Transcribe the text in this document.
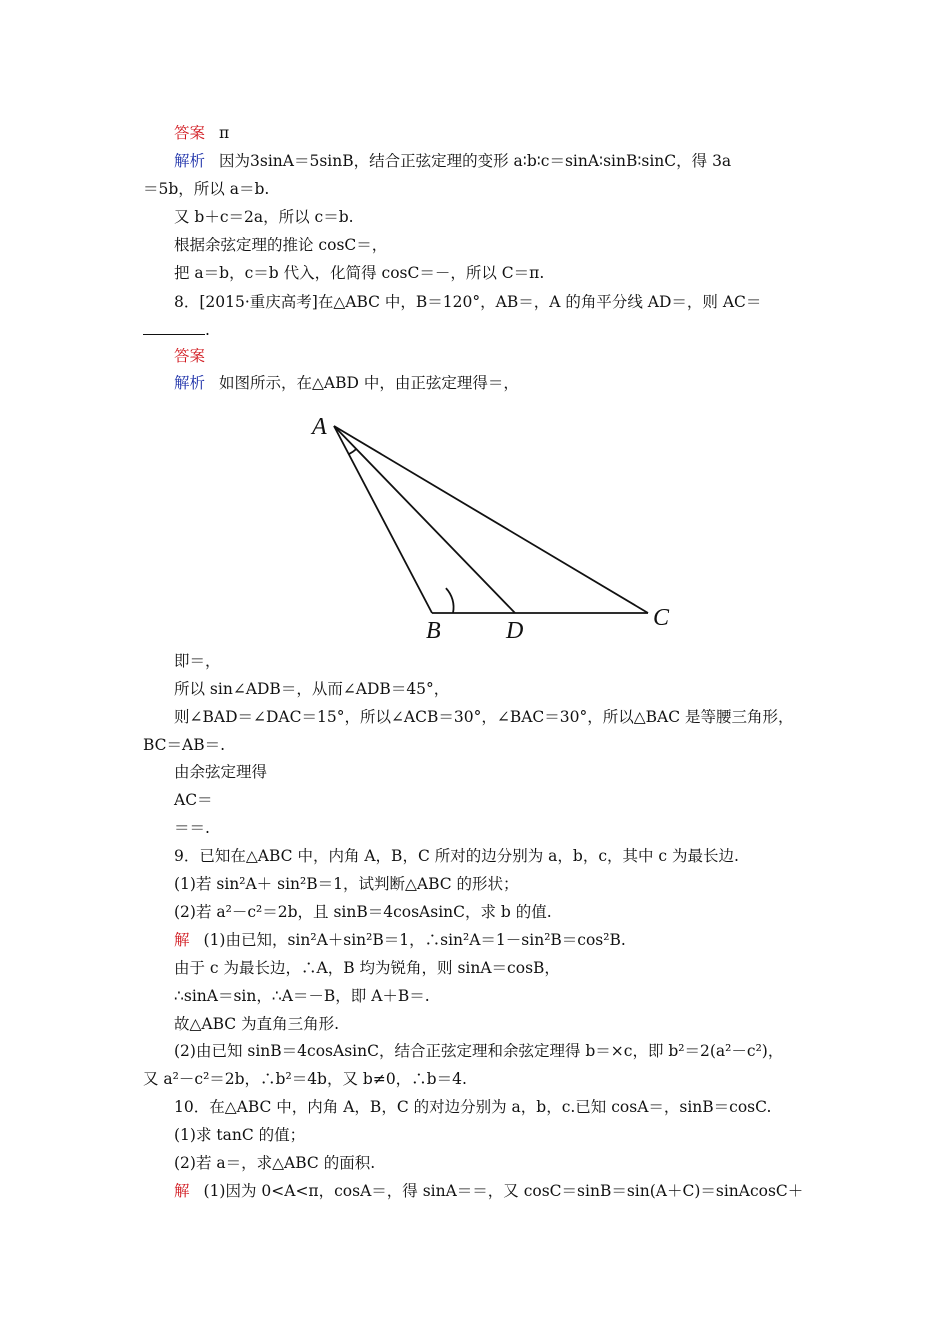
答案 π
解析 因为3sinA＝5sinB，结合正弦定理的变形 a∶b∶c＝sinA∶sinB∶sinC，得 3a
＝5b，所以 a＝b.
又 b＋c＝2a，所以 c＝b.
根据余弦定理的推论 cosC＝，
把 a＝b，c＝b 代入，化简得 cosC＝－，所以 C＝π.
8．[2015·重庆高考]在△ABC 中，B＝120°，AB＝，A 的角平分线 AD＝，则 AC＝
.
答案
解析 如图所示，在△ABD 中，由正弦定理得＝，
A
B	D	C
即＝，
所以 sin∠ADB＝，从而∠ADB＝45°，
则∠BAD＝∠DAC＝15°，所以∠ACB＝30°，∠BAC＝30°，所以△BAC 是等腰三角形，
BC＝AB＝.
由余弦定理得
AC＝
＝＝.
9．已知在△ABC 中，内角 A，B，C 所对的边分别为 a，b，c，其中 c 为最长边.
(1)若 sin²A＋ sin²B＝1，试判断△ABC 的形状；
(2)若 a²－c²＝2b，且 sinB＝4cosAsinC，求 b 的值.
解 (1)由已知，sin²A＋sin²B＝1，∴sin²A＝1－sin²B＝cos²B.
由于 c 为最长边，∴A，B 均为锐角，则 sinA＝cosB，
∴sinA＝sin，∴A＝－B，即 A＋B＝.
故△ABC 为直角三角形.
(2)由已知 sinB＝4cosAsinC，结合正弦定理和余弦定理得 b＝×c，即 b²＝2(a²－c²)，
又 a²－c²＝2b，∴b²＝4b，又 b≠0，∴b＝4.
10．在△ABC 中，内角 A，B，C 的对边分别为 a，b，c.已知 cosA＝，sinB＝cosC.
(1)求 tanC 的值；
(2)若 a＝，求△ABC 的面积.
解 (1)因为 0<A<π，cosA＝，得 sinA＝＝，又 cosC＝sinB＝sin(A＋C)＝sinAcosC＋
